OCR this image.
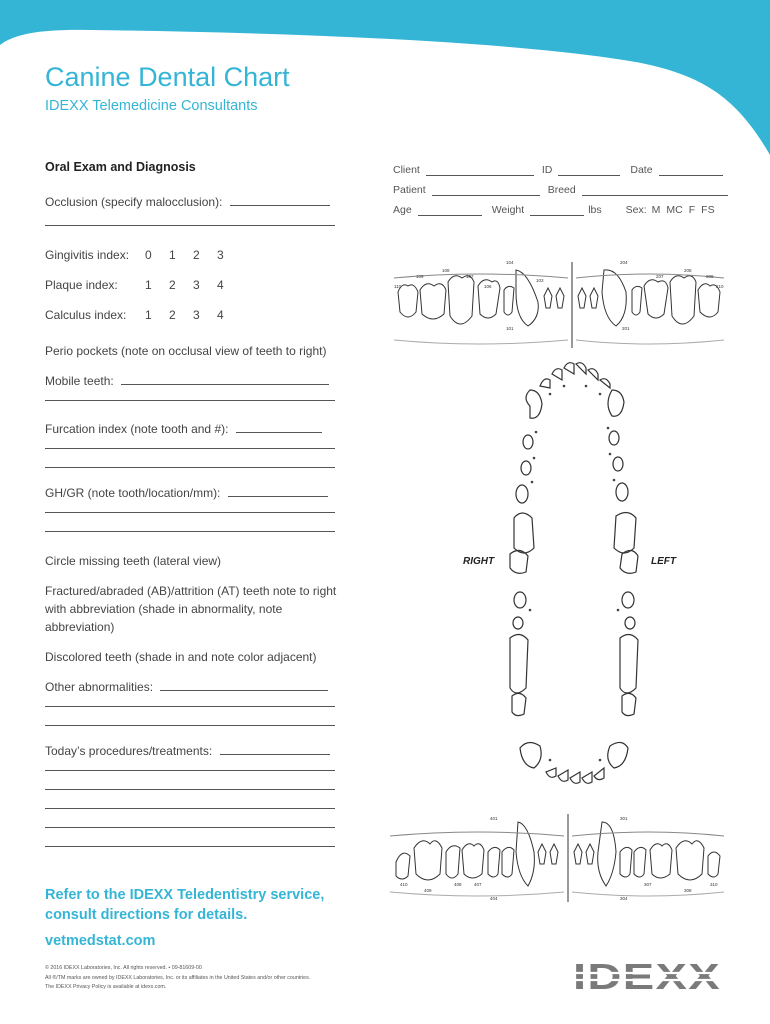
Canine Dental Chart
IDEXX Telemedicine Consultants
Oral Exam and Diagnosis
Occlusion (specify malocclusion):
Gingivitis index:	0	1	2	3
Plaque index:	1	2	3	4
Calculus index:	1	2	3	4
Perio pockets (note on occlusal view of teeth to right)
Mobile teeth:
Furcation index (note tooth and #):
GH/GR (note tooth/location/mm):
Circle missing teeth (lateral view)
Fractured/abraded (AB)/attrition (AT) teeth note to right with abbreviation (shade in abnormality, note abbreviation)
Discolored teeth (shade in and note color adjacent)
Other abnormalities:
Today’s procedures/treatments:
Refer to the IDEXX Teledentistry service, consult directions for details.
vetmedstat.com
© 2016 IDEXX Laboratories, Inc. All rights reserved. • 09-81609-00
All ®/TM marks are owned by IDEXX Laboratories, Inc. or its affiliates in the United States and/or other countries.
The IDEXX Privacy Policy is available at idexx.com.
Client	ID	Date
Patient	Breed
Age	Weight	lbs Sex: M MC F FS
110
109
108
107
106
104
101
103
204
201
207
208
209
210
RIGHT	LEFT
410
409
408	407
404
401	301
304
307
308
310
IDEXX
